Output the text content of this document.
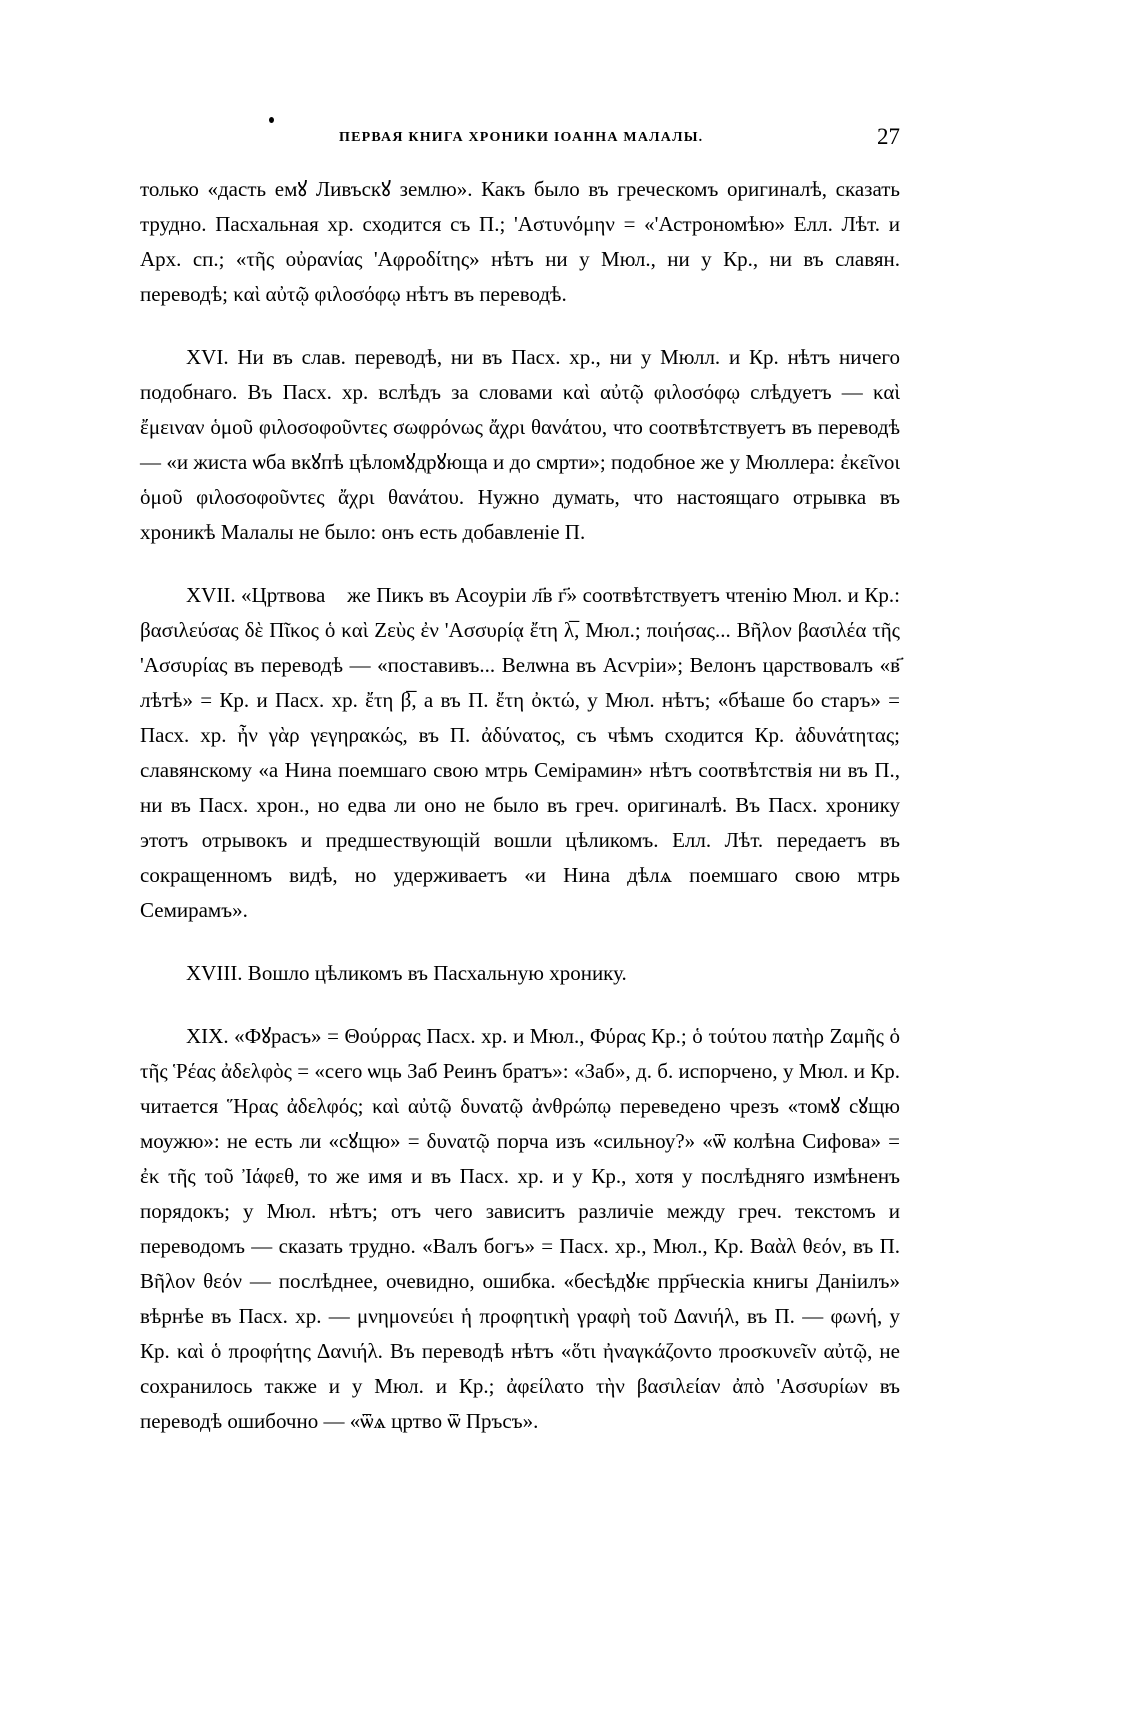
ПЕРВАЯ КНИГА ХРОНИКИ ІОАННА МАЛАЛЫ.	27

только «дасть емꙋ Ливъскꙋ землю». Какъ было въ греческомъ оригиналѣ, сказать трудно. Пасхальная хр. сходится съ П.; 'Αστυνόμην = «'Астрономѣю» Елл. Лѣт. и Арх. сп.; «τῆς οὐρανίας 'Αφροδίτης» нѣтъ ни у Мюл., ни у Кр., ни въ славян. переводѣ; καὶ αὐτῷ φιλοσόφῳ нѣтъ въ переводѣ.

XVI. Ни въ слав. переводѣ, ни въ Пасх. хр., ни у Мюлл. и Кр. нѣтъ ничего подобнаго. Въ Пасх. хр. вслѣдъ за словами καὶ αὐτῷ φιλοσόφῳ слѣдуетъ — καὶ ἔμειναν ὁμοῦ φιλοσοφοῦντες σωφρόνως ἄχρι θανάτου, что соотвѣтствуетъ въ переводѣ — «и жиста ѡба вкꙋпѣ цѣломꙋдрꙋюща и до смрти»; подобное же у Мюллера: ἐκεῖνοι ὁμοῦ φιλοσοφοῦντες ἄχρι θανάτου. Нужно думать, что настоящаго отрывка въ хроникѣ Малалы не было: онъ есть добавленіе П.

XVII. «Цртвоваⷡ же Пикъ въ Асоуріи л҃в г҃» соотвѣтствуетъ чтенію Мюл. и Кр.: βασιλεύσας δὲ Πῖκος ὁ καὶ Ζεὺς ἐν 'Ασσυρίᾳ ἔτη λ̅, Мюл.; ποιήσας... Вῆλον βασιλέα τῆς 'Ασσυρίας въ переводѣ — «поставивъ... Велѡна въ Асѵріи»; Велонъ царствовалъ «в҃ лѣтѣ» = Кр. и Пасх. хр. ἔτη β̅, а въ П. ἔτη ὀκτώ, у Мюл. нѣтъ; «бѣаше бо старъ» = Пасх. хр. ἦν γὰρ γεγηρακώς, въ П. ἀδύνατος, съ чѣмъ сходится Кр. ἀδυνάτητας; славянскому «а Нина поемшаго свою мтрь Семірамин» нѣтъ соотвѣтствія ни въ П., ни въ Пасх. хрон., но едва ли оно не было въ греч. оригиналѣ. Въ Пасх. хронику этотъ отрывокъ и предшествующій вошли цѣликомъ. Елл. Лѣт. передаетъ въ сокращенномъ видѣ, но удерживаетъ «и Нина дѣлѧ поемшаго свою мтрь Семирамъ».

XVIII. Вошло цѣликомъ въ Пасхальную хронику.

XIX. «Фꙋрасъ» = Θούρρας Пасх. хр. и Мюл., Φύρας Кр.; ὁ τούτου πατὴρ Ζαμῆς ὁ τῆς Ῥέας ἀδελφὸς = «сего ѡць Заб Реинъ братъ»: «Заб», д. б. испорчено, у Мюл. и Кр. читается Ἥρας ἀδελφός; καὶ αὐτῷ δυνατῷ ἀνθρώπῳ переведено чрезъ «томꙋ сꙋщю моужю»: не есть ли «сꙋщю» = δυνατῷ порча изъ «сильноу?» «ѿ колѣна Сифова» = ἐκ τῆς τοῦ Ἰάφεθ, то же имя и въ Пасх. хр. и у Кр., хотя у послѣдняго измѣненъ порядокъ; у Мюл. нѣтъ; отъ чего зависитъ различіе между греч. текстомъ и переводомъ — сказать трудно. «Валъ богъ» = Пасх. хр., Мюл., Кр. Βαὰλ θεόν, въ П. Вῆλον θεόν — послѣднее, очевидно, ошибка. «бесѣдꙋѥ прр҃ческіа книгы Даніилъ» вѣрнѣе въ Пасх. хр. — μνημονεύει ἡ προφητικὴ γραφὴ τοῦ Δανιήλ, въ П. — φωνή, у Кр. καὶ ὁ προφήτης Δανιήλ. Въ переводѣ нѣтъ «ὅτι ἠναγκάζοντο προσκυνεῖν αὐτῷ, не сохранилось также и у Мюл. и Кр.; ἀφείλατο τὴν βασιλείαν ἀπὸ 'Ασσυρίων въ переводѣ ошибочно — «ѿѧ цртво ѿ Пръсъ».
